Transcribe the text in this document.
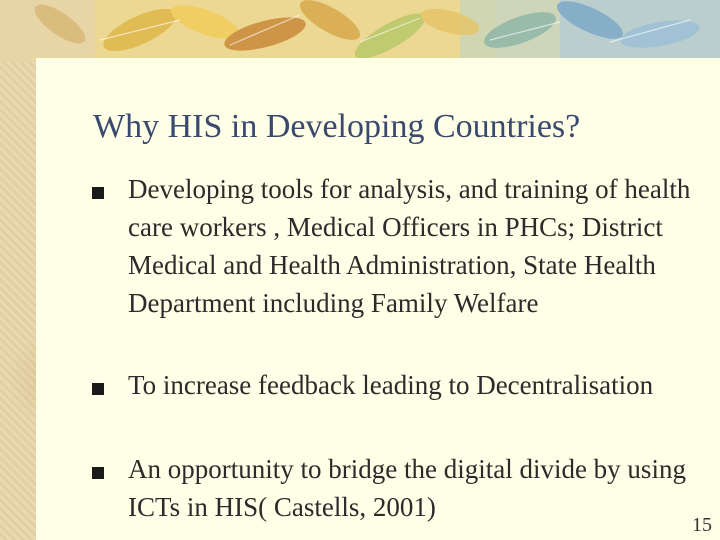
Why HIS in Developing Countries?
Developing tools for analysis, and training of health care workers , Medical Officers in PHCs; District Medical and Health Administration, State Health Department including Family Welfare
To increase feedback leading to Decentralisation
An opportunity to bridge the digital divide by using ICTs in HIS( Castells, 2001)
15
